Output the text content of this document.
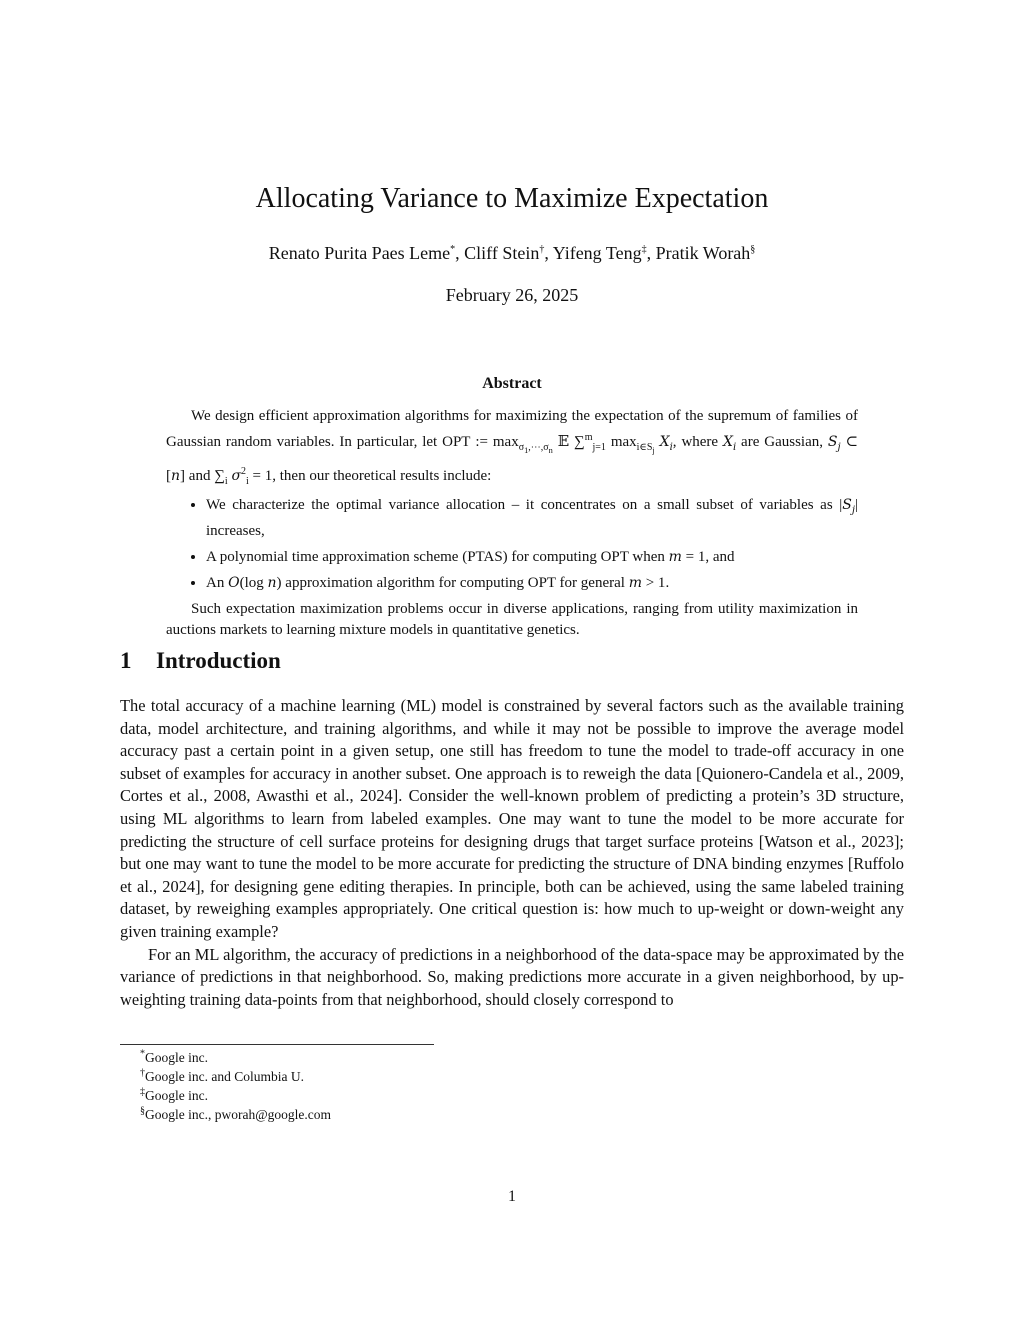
Allocating Variance to Maximize Expectation
Renato Purita Paes Leme*, Cliff Stein†, Yifeng Teng‡, Pratik Worah§
February 26, 2025
Abstract

We design efficient approximation algorithms for maximizing the expectation of the supremum of families of Gaussian random variables. In particular, let OPT := $\max_{\sigma_1,\cdots,\sigma_n}$ 𝔼 ∑$^m_{j=1}$ $\max_{i\in S_j} X_i$, where $X_i$ are Gaussian, $S_j$ ⊂ [n] and $\sum_i$ $\sigma^2_i = 1$, then our theoretical results include:

• We characterize the optimal variance allocation – it concentrates on a small subset of variables as $|S_j|$ increases,
• A polynomial time approximation scheme (PTAS) for computing OPT when m = 1, and
• An O(log n) approximation algorithm for computing OPT for general m > 1.

Such expectation maximization problems occur in diverse applications, ranging from utility maximization in auctions markets to learning mixture models in quantitative genetics.

1 Introduction

The total accuracy of a machine learning (ML) model is constrained by several factors such as the available training data, model architecture, and training algorithms, and while it may not be possible to improve the average model accuracy past a certain point in a given setup, one still has freedom to tune the model to trade-off accuracy in one subset of examples for accuracy in another subset. One approach is to reweigh the data [Quionero-Candela et al., 2009, Cortes et al., 2008, Awasthi et al., 2024]. Consider the well-known problem of predicting a protein’s 3D structure, using ML algorithms to learn from labeled examples. One may want to tune the model to be more accurate for predicting the structure of cell surface proteins for designing drugs that target surface proteins [Watson et al., 2023]; but one may want to tune the model to be more accurate for predicting the structure of DNA binding enzymes [Ruffolo et al., 2024], for designing gene editing therapies. In principle, both can be achieved, using the same labeled training dataset, by reweighing examples appropriately. One critical question is: how much to up-weight or down-weight any given training example?

For an ML algorithm, the accuracy of predictions in a neighborhood of the data-space may be approximated by the variance of predictions in that neighborhood. So, making predictions more accurate in a given neighborhood, by up-weighting training data-points from that neighborhood, should closely correspond to

*Google inc.
†Google inc. and Columbia U.
‡Google inc.
§Google inc., pworah@google.com
1
